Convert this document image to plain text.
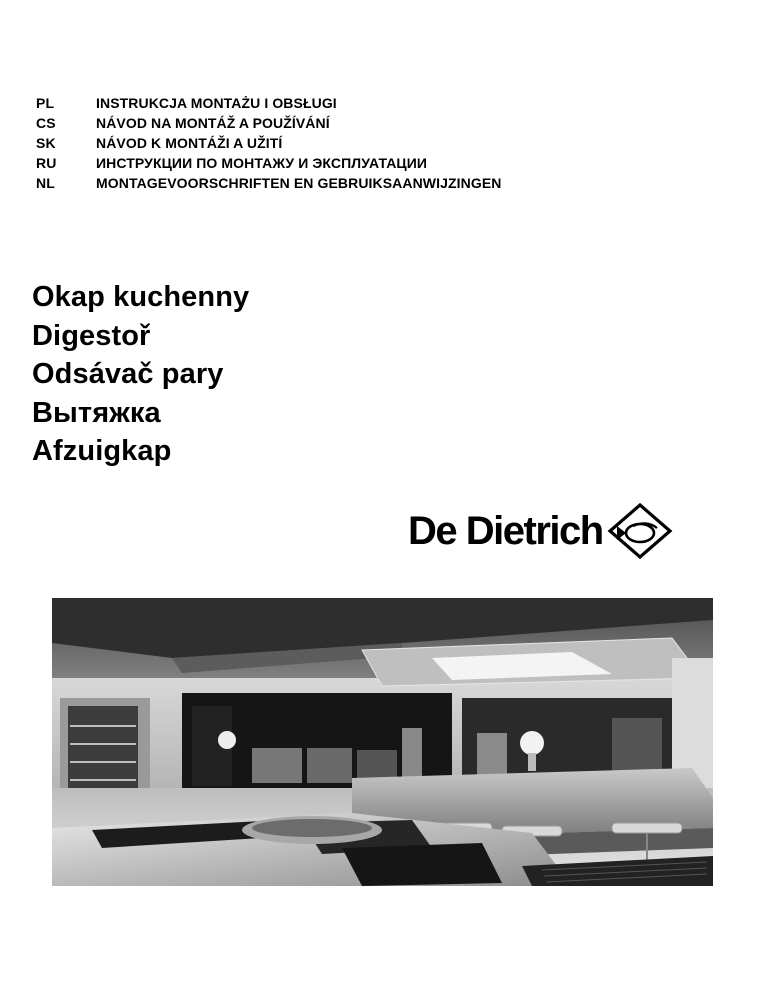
PL	INSTRUKCJA MONTAŻU I OBSŁUGI
CS	NÁVOD NA MONTÁŽ A POUŽÍVÁNÍ
SK	NÁVOD K MONTÁŽI A UŽITÍ
RU	ИНСТРУКЦИИ ПО МОНТАЖУ И ЭКСПЛУАТАЦИИ
NL	MONTAGEVOORSCHRIFTEN EN GEBRUIKSAANWIJZINGEN
Okap kuchenny
Digestoř
Odsávač pary
Вытяжка
Afzuigkap
De Dietrich
